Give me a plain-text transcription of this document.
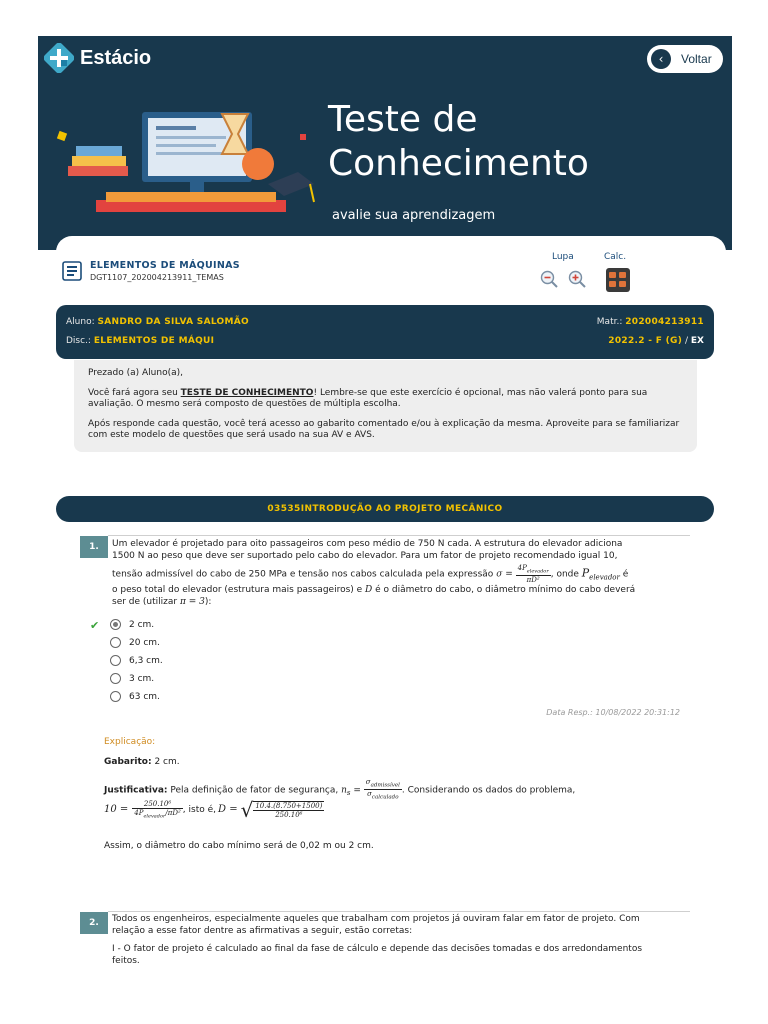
Estácio	‹	Voltar
Teste de
Conhecimento
avalie sua aprendizagem
ELEMENTOS DE MÁQUINAS
DGT1107_202004213911_TEMAS
Lupa	Calc.
Aluno: SANDRO DA SILVA SALOMÃO	Matr.: 202004213911
Disc.: ELEMENTOS DE MÁQUI	2022.2 - F (G) / EX

Prezado (a) Aluno(a),

Você fará agora seu TESTE DE CONHECIMENTO! Lembre-se que este exercício é opcional, mas não valerá ponto para sua avaliação. O mesmo será composto de questões de múltipla escolha.

Após responde cada questão, você terá acesso ao gabarito comentado e/ou à explicação da mesma. Aproveite para se familiarizar com este modelo de questões que será usado na sua AV e AVS.

03535INTRODUÇÃO AO PROJETO MECÂNICO
1.	Um elevador é projetado para oito passageiros com peso médio de 750 N cada. A estrutura do elevador adiciona
1500 N ao peso que deve ser suportado pelo cabo do elevador. Para um fator de projeto recomendado igual 10,
tensão admissível do cabo de 250 MPa e tensão nos cabos calculada pela expressão $\sigma = \frac{4P_{elevador}}{\text{πD²}}$ , onde $P_{elevador}$ é
o peso total do elevador (estrutura mais passageiros) e D é o diâmetro do cabo, o diâmetro mínimo do cabo deverá
ser de (utilizar π = 3):
✔	2 cm.
20 cm.
6,3 cm.
3 cm.
63 cm.
Data Resp.: 10/08/2022 20:31:12
Explicação:
Gabarito: 2 cm.
Justificativa: Pela definição de fator de segurança, $n_s = \frac{\sigma_{admissível}}{\sigma_{calculado}}$ . Considerando os dados do problema,
$10 = \frac{\text{250.10⁶}}{4P_{elevador}/\pi D^2}$ , isto é, D = √ $\frac{10.4.(8.750+1500)}{\text{250.10⁶}}$
Assim, o diâmetro do cabo mínimo será de 0,02 m ou 2 cm.
2.	Todos os engenheiros, especialmente aqueles que trabalham com projetos já ouviram falar em fator de projeto. Com
relação a esse fator dentre as afirmativas a seguir, estão corretas:
I - O fator de projeto é calculado ao final da fase de cálculo e depende das decisões tomadas e dos arredondamentos
feitos.
